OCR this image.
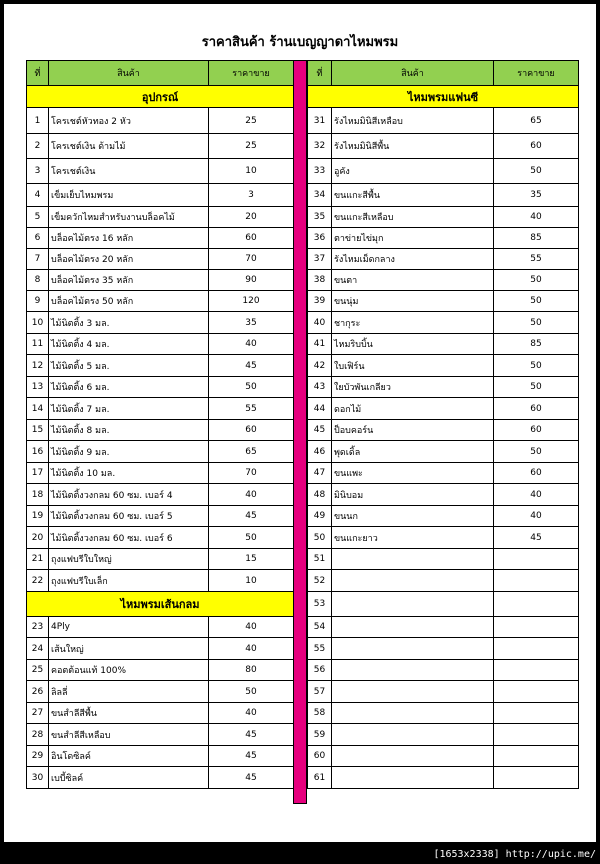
ราคาสินค้า ร้านเบญญาดาไหมพรม
ที่	สินค้า	ราคาขาย
อุปกรณ์		
1	โครเชต์หัวทอง 2 หัว	25
2	โครเชต์เงิน ด้ามไม้	25
3	โครเชต์เงิน	10
4	เข็มเย็บไหมพรม	3
5	เข็มควักไหมสำหรับงานบล็อคไม้	20
6	บล็อคไม้ตรง 16 หลัก	60
7	บล็อคไม้ตรง 20 หลัก	70
8	บล็อคไม้ตรง 35 หลัก	90
9	บล็อคไม้ตรง 50 หลัก	120
10	ไม้นิตติ้ง 3 มล.	35
11	ไม้นิตติ้ง 4 มล.	40
12	ไม้นิตติ้ง 5 มล.	45
13	ไม้นิตติ้ง 6 มล.	50
14	ไม้นิตติ้ง 7 มล.	55
15	ไม้นิตติ้ง 8 มล.	60
16	ไม้นิตติ้ง 9 มล.	65
17	ไม้นิตติ้ง 10 มล.	70
18	ไม้นิตติ้งวงกลม 60 ซม. เบอร์ 4	40
19	ไม้นิตติ้งวงกลม 60 ซม. เบอร์ 5	45
20	ไม้นิตติ้งวงกลม 60 ซม. เบอร์ 6	50
21	ถุงแฟบรีใบใหญ่	15
22	ถุงแฟบรีใบเล็ก	10
ไหมพรมเส้นกลม		
23	4Ply	40
24	เส้นใหญ่	40
25	คอตต้อนแท้ 100%	80
26	ลิลลี่	50
27	ขนสำลีสีพื้น	40
28	ขนสำลีสีเหลือบ	45
29	อินโดซิลค์	45
30	เบบี้ซิลค์	45
ที่	สินค้า	ราคาขาย
ไหมพรมแฟนซี		
31	รังไหมมินิสีเหลือบ	65
32	รังไหมมินิสีพื้น	60
33	อูคัง	50
34	ขนแกะสีพื้น	35
35	ขนแกะสีเหลือบ	40
36	ตาข่ายไข่มุก	85
37	รังไหมเม็ดกลาง	55
38	ขนตา	50
39	ขนนุ่ม	50
40	ชากุระ	50
41	ไหมริบบิ้น	85
42	ใบเฟิร์น	50
43	ใยบัวพันเกลียว	50
44	ดอกไม้	60
45	ป็อบคอร์น	60
46	พุดเดิ้ล	50
47	ขนแพะ	60
48	มินิบอม	40
49	ขนนก	40
50	ขนแกะยาว	45
51		
52		
53		
54		
55		
56		
57		
58		
59		
60		
61		
[1653x2338] http://upic.me/
